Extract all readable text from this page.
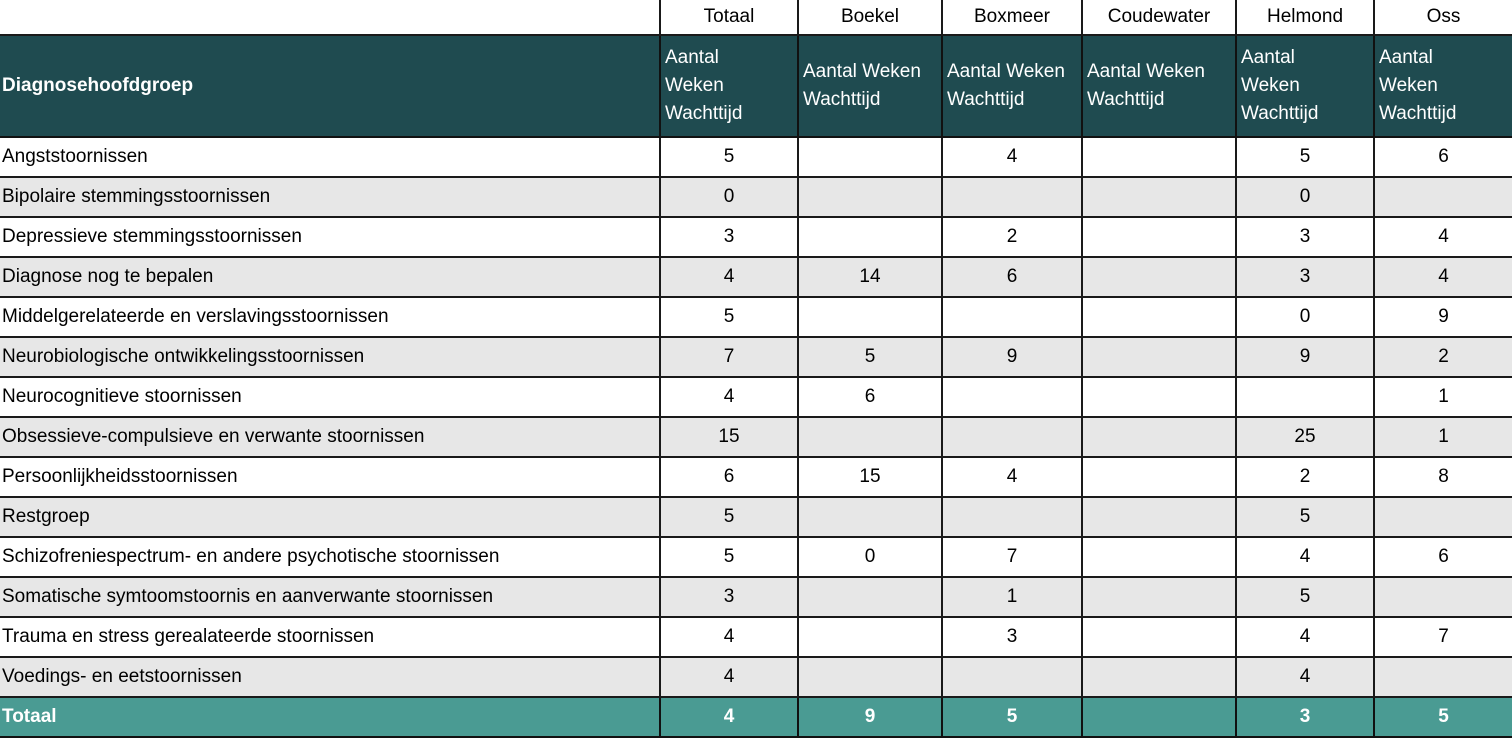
	Totaal	Boekel	Boxmeer	Coudewater	Helmond	Oss
Diagnosehoofdgroep	Aantal Weken Wachttijd	Aantal Weken Wachttijd	Aantal Weken Wachttijd	Aantal Weken Wachttijd	Aantal Weken Wachttijd	Aantal Weken Wachttijd
Angststoornissen	5		4		5	6
Bipolaire stemmingsstoornissen	0				0	
Depressieve stemmingsstoornissen	3		2		3	4
Diagnose nog te bepalen	4	14	6		3	4
Middelgerelateerde en verslavingsstoornissen	5				0	9
Neurobiologische ontwikkelingsstoornissen	7	5	9		9	2
Neurocognitieve stoornissen	4	6				1
Obsessieve-compulsieve en verwante stoornissen	15				25	1
Persoonlijkheidsstoornissen	6	15	4		2	8
Restgroep	5				5	
Schizofreniespectrum- en andere psychotische stoornissen	5	0	7		4	6
Somatische symtoomstoornis en aanverwante stoornissen	3		1		5	
Trauma en stress gerealateerde stoornissen	4		3		4	7
Voedings- en eetstoornissen	4				4	
Totaal	4	9	5		3	5
